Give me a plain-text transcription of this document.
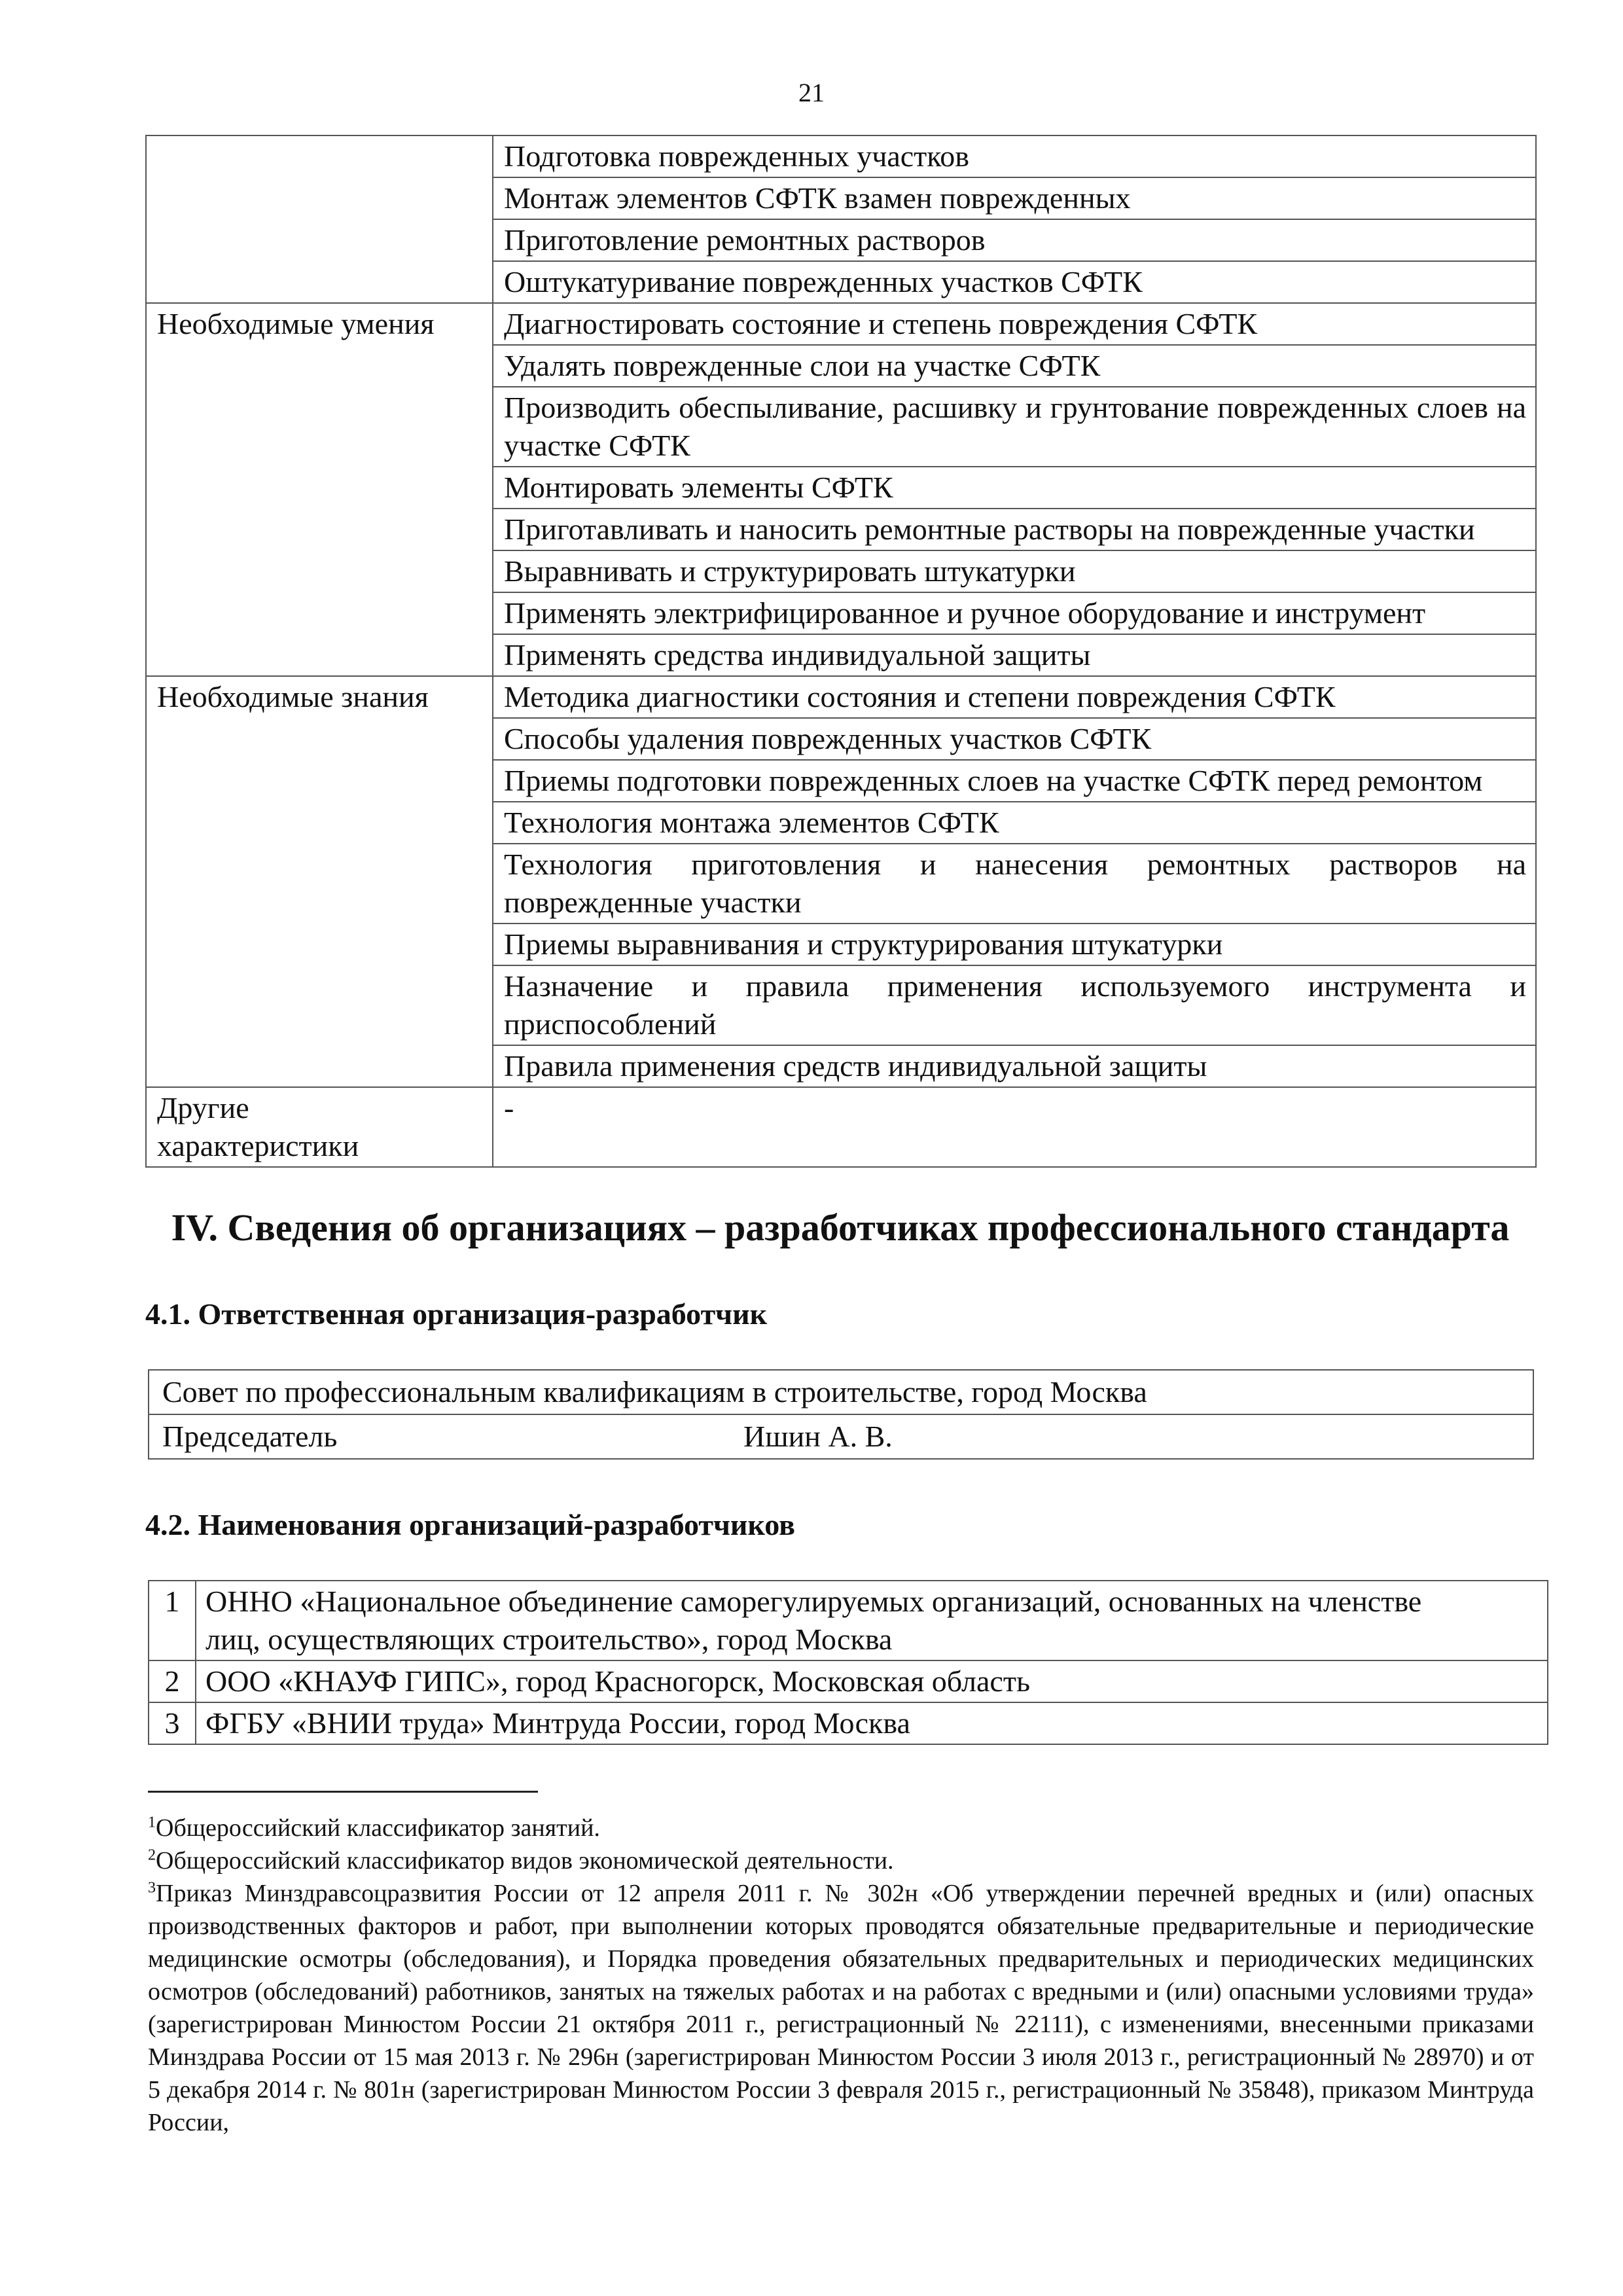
21
	Подготовка поврежденных участков
	Монтаж элементов СФТК взамен поврежденных
	Приготовление ремонтных растворов
	Оштукатуривание поврежденных участков СФТК
Необходимые умения	Диагностировать состояние и степень повреждения СФТК
	Удалять поврежденные слои на участке СФТК
	Производить обеспыливание, расшивку и грунтование поврежденных слоев на участке СФТК
	Монтировать элементы СФТК
	Приготавливать и наносить ремонтные растворы на поврежденные участки
	Выравнивать и структурировать штукатурки
	Применять электрифицированное и ручное оборудование и инструмент
	Применять средства индивидуальной защиты
Необходимые знания	Методика диагностики состояния и степени повреждения СФТК
	Способы удаления поврежденных участков СФТК
	Приемы подготовки поврежденных слоев на участке СФТК перед ремонтом
	Технология монтажа элементов СФТК
	Технология приготовления и нанесения ремонтных растворов на поврежденные участки
	Приемы выравнивания и структурирования штукатурки
	Назначение и правила применения используемого инструмента и приспособлений
	Правила применения средств индивидуальной защиты
Другие характеристики	-
IV. Сведения об организациях – разработчиках профессионального стандарта
4.1. Ответственная организация-разработчик
Совет по профессиональным квалификациям в строительстве, город Москва
Председатель	Ишин А. В.
4.2. Наименования организаций-разработчиков
1	ОННО «Национальное объединение саморегулируемых организаций, основанных на членстве лиц, осуществляющих строительство», город Москва
2	ООО «КНАУФ ГИПС», город Красногорск, Московская область
3	ФГБУ «ВНИИ труда» Минтруда России, город Москва

$^1$Общероссийский классификатор занятий.

$^2$Общероссийский классификатор видов экономической деятельности.

$^3$Приказ Минздравсоцразвития России от 12 апреля 2011 г. № 302н «Об утверждении перечней вредных и (или) опасных производственных факторов и работ, при выполнении которых проводятся обязательные предварительные и периодические медицинские осмотры (обследования), и Порядка проведения обязательных предварительных и периодических медицинских осмотров (обследований) работников, занятых на тяжелых работах и на работах с вредными и (или) опасными условиями труда» (зарегистрирован Минюстом России 21 октября 2011 г., регистрационный № 22111), с изменениями, внесенными приказами Минздрава России от 15 мая 2013 г. № 296н (зарегистрирован Минюстом России 3 июля 2013 г., регистрационный № 28970) и от 5 декабря 2014 г. № 801н (зарегистрирован Минюстом России 3 февраля 2015 г., регистрационный № 35848), приказом Минтруда России,
